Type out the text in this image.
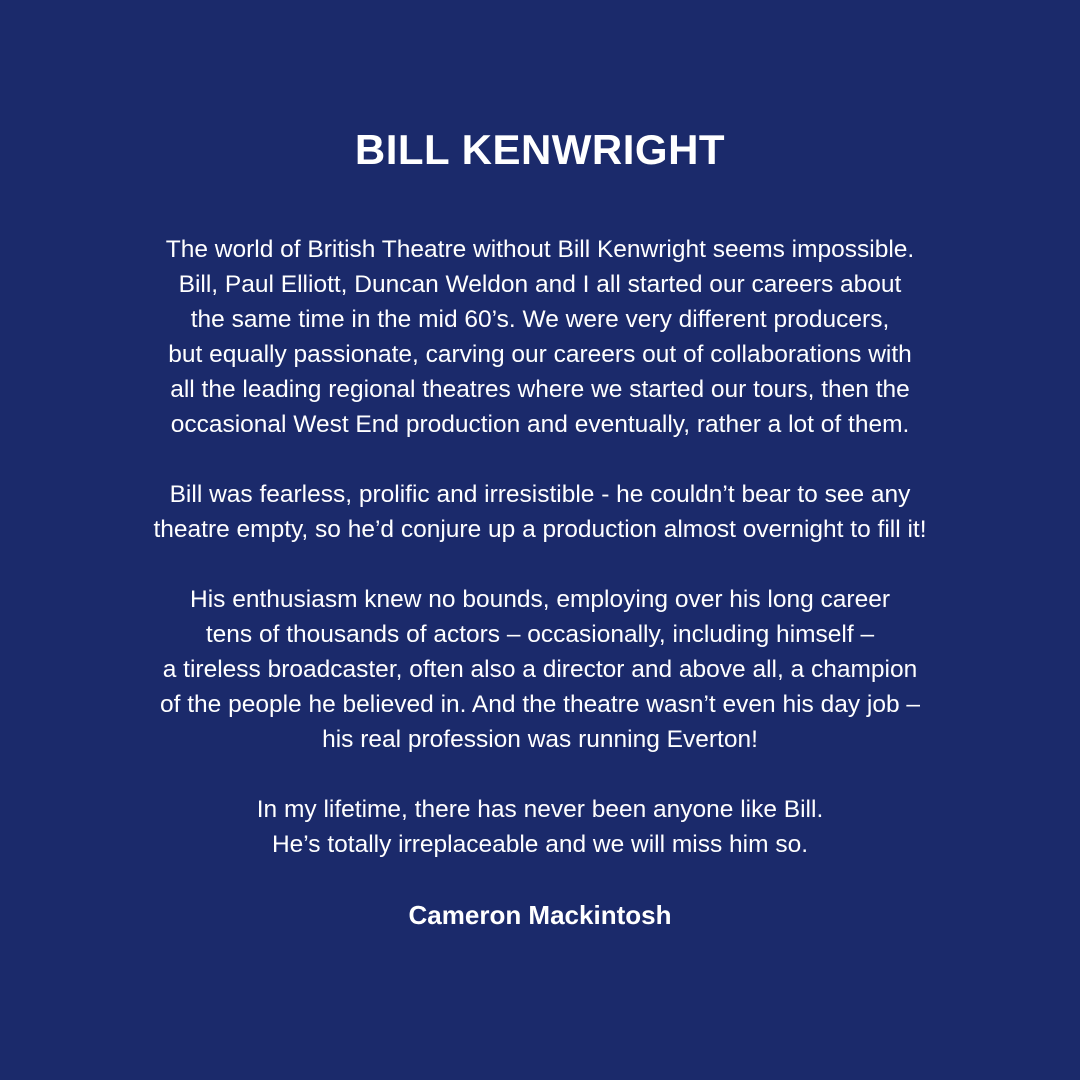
BILL KENWRIGHT

The world of British Theatre without Bill Kenwright seems impossible.
Bill, Paul Elliott, Duncan Weldon and I all started our careers about
the same time in the mid 60’s. We were very different producers,
but equally passionate, carving our careers out of collaborations with
all the leading regional theatres where we started our tours, then the
occasional West End production and eventually, rather a lot of them.

Bill was fearless, prolific and irresistible - he couldn’t bear to see any
theatre empty, so he’d conjure up a production almost overnight to fill it!

His enthusiasm knew no bounds, employing over his long career
tens of thousands of actors – occasionally, including himself –
a tireless broadcaster, often also a director and above all, a champion
of the people he believed in. And the theatre wasn’t even his day job –
his real profession was running Everton!

In my lifetime, there has never been anyone like Bill.
He’s totally irreplaceable and we will miss him so.

Cameron Mackintosh
